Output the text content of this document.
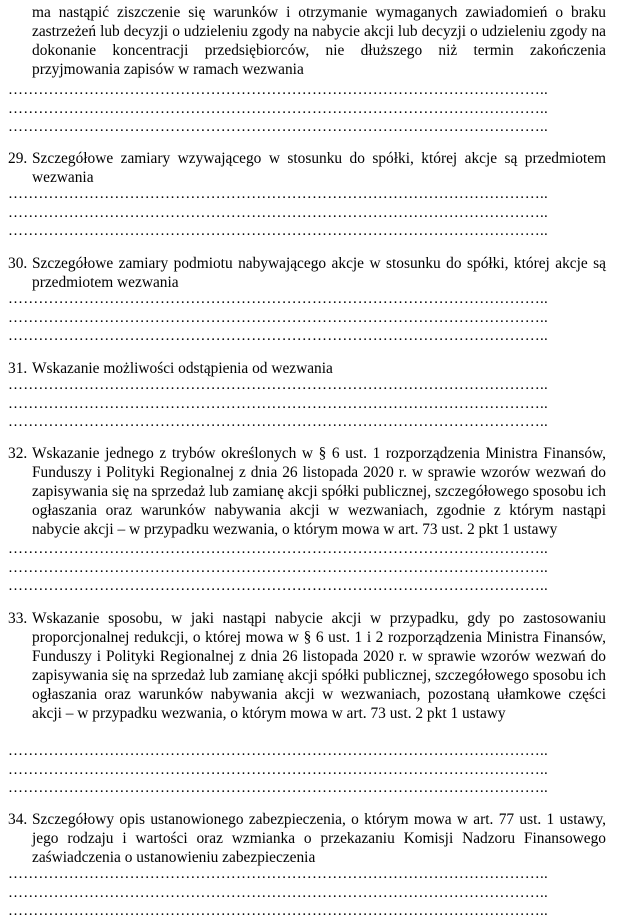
ma nastąpić ziszczenie się warunków i otrzymanie wymaganych zawiadomień o braku zastrzeżeń lub decyzji o udzieleniu zgody na nabycie akcji lub decyzji o udzieleniu zgody na dokonanie koncentracji przedsiębiorców, nie dłuższego niż termin zakończenia przyjmowania zapisów w ramach wezwania
……………………………………………………………………………………………..
……………………………………………………………………………………………..
……………………………………………………………………………………………..
29. Szczegółowe zamiary wzywającego w stosunku do spółki, której akcje są przedmiotem wezwania
……………………………………………………………………………………………..
……………………………………………………………………………………………..
……………………………………………………………………………………………..
30. Szczegółowe zamiary podmiotu nabywającego akcje w stosunku do spółki, której akcje są przedmiotem wezwania
……………………………………………………………………………………………..
……………………………………………………………………………………………..
……………………………………………………………………………………………..
31. Wskazanie możliwości odstąpienia od wezwania
……………………………………………………………………………………………..
……………………………………………………………………………………………..
……………………………………………………………………………………………..
32. Wskazanie jednego z trybów określonych w § 6 ust. 1 rozporządzenia Ministra Finansów, Funduszy i Polityki Regionalnej z dnia 26 listopada 2020 r. w sprawie wzorów wezwań do zapisywania się na sprzedaż lub zamianę akcji spółki publicznej, szczegółowego sposobu ich ogłaszania oraz warunków nabywania akcji w wezwaniach, zgodnie z którym nastąpi nabycie akcji – w przypadku wezwania, o którym mowa w art. 73 ust. 2 pkt 1 ustawy
……………………………………………………………………………………………..
……………………………………………………………………………………………..
……………………………………………………………………………………………..
33. Wskazanie sposobu, w jaki nastąpi nabycie akcji w przypadku, gdy po zastosowaniu proporcjonalnej redukcji, o której mowa w § 6 ust. 1 i 2 rozporządzenia Ministra Finansów, Funduszy i Polityki Regionalnej z dnia 26 listopada 2020 r. w sprawie wzorów wezwań do zapisywania się na sprzedaż lub zamianę akcji spółki publicznej, szczegółowego sposobu ich ogłaszania oraz warunków nabywania akcji w wezwaniach, pozostaną ułamkowe części akcji – w przypadku wezwania, o którym mowa w art. 73 ust. 2 pkt 1 ustawy
……………………………………………………………………………………………..
……………………………………………………………………………………………..
……………………………………………………………………………………………..
34. Szczegółowy opis ustanowionego zabezpieczenia, o którym mowa w art. 77 ust. 1 ustawy, jego rodzaju i wartości oraz wzmianka o przekazaniu Komisji Nadzoru Finansowego zaświadczenia o ustanowieniu zabezpieczenia
……………………………………………………………………………………………..
……………………………………………………………………………………………..
……………………………………………………………………………………………..
